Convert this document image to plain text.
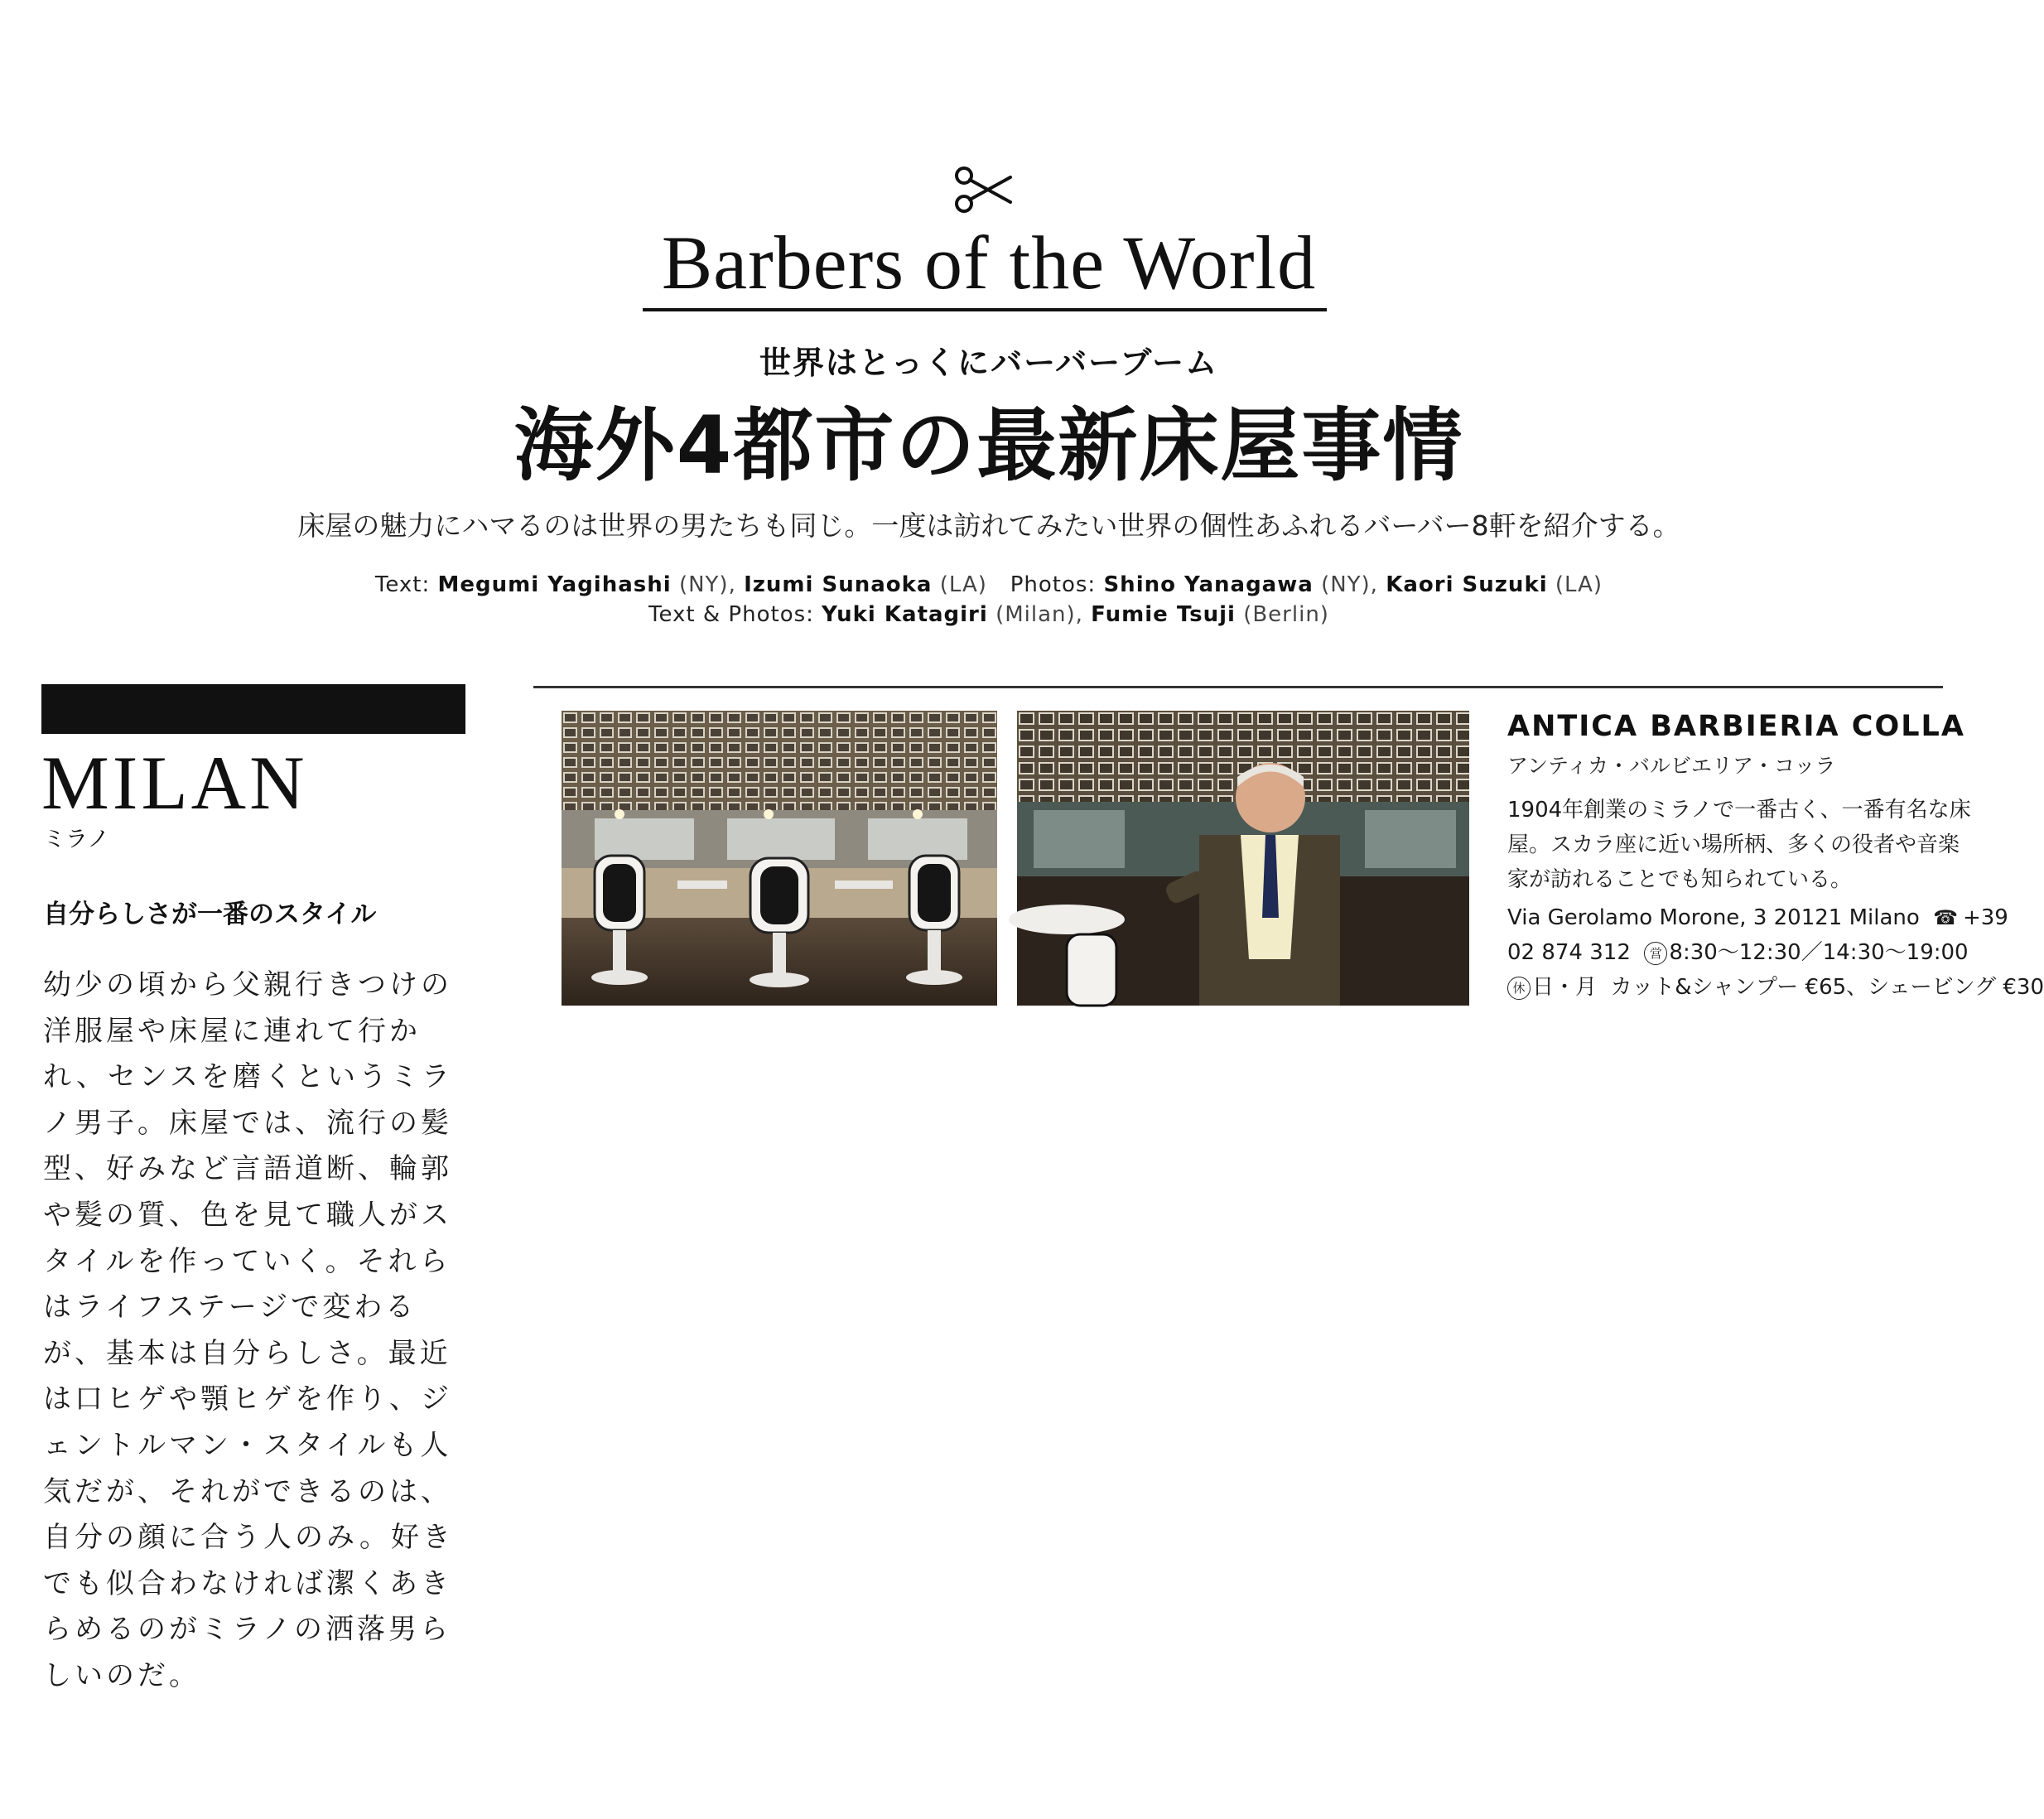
Barbers of the World
世界はとっくにバーバーブーム
海外4都市の最新床屋事情
床屋の魅力にハマるのは世界の男たちも同じ。一度は訪れてみたい世界の個性あふれるバーバー8軒を紹介する。
Text: Megumi Yagihashi (NY), Izumi Sunaoka (LA) Photos: Shino Yanagawa (NY), Kaori Suzuki (LA)
Text & Photos: Yuki Katagiri (Milan), Fumie Tsuji (Berlin)
MILAN
ミラノ
自分らしさが一番のスタイル
幼少の頃から父親行きつけの洋服屋や床屋に連れて行かれ、センスを磨くというミラノ男子。床屋では、流行の髪型、好みなど言語道断、輪郭や髪の質、色を見て職人がスタイルを作っていく。それらはライフステージで変わるが、基本は自分らしさ。最近は口ヒゲや顎ヒゲを作り、ジェントルマン・スタイルも人気だが、それができるのは、自分の顔に合う人のみ。好きでも似合わなければ潔くあきらめるのがミラノの洒落男らしいのだ。
ANTICA BARBIERIA COLLA
アンティカ・バルビエリア・コッラ
1904年創業のミラノで一番古く、一番有名な床
屋。スカラ座に近い場所柄、多くの役者や音楽
家が訪れることでも知られている。
Via Gerolamo Morone, 3 20121 Milano ☎ +39
02 874 312 営 8:30〜12:30／14:30〜19:00
休 日・月 カット&シャンプー €65、シェービング €30
